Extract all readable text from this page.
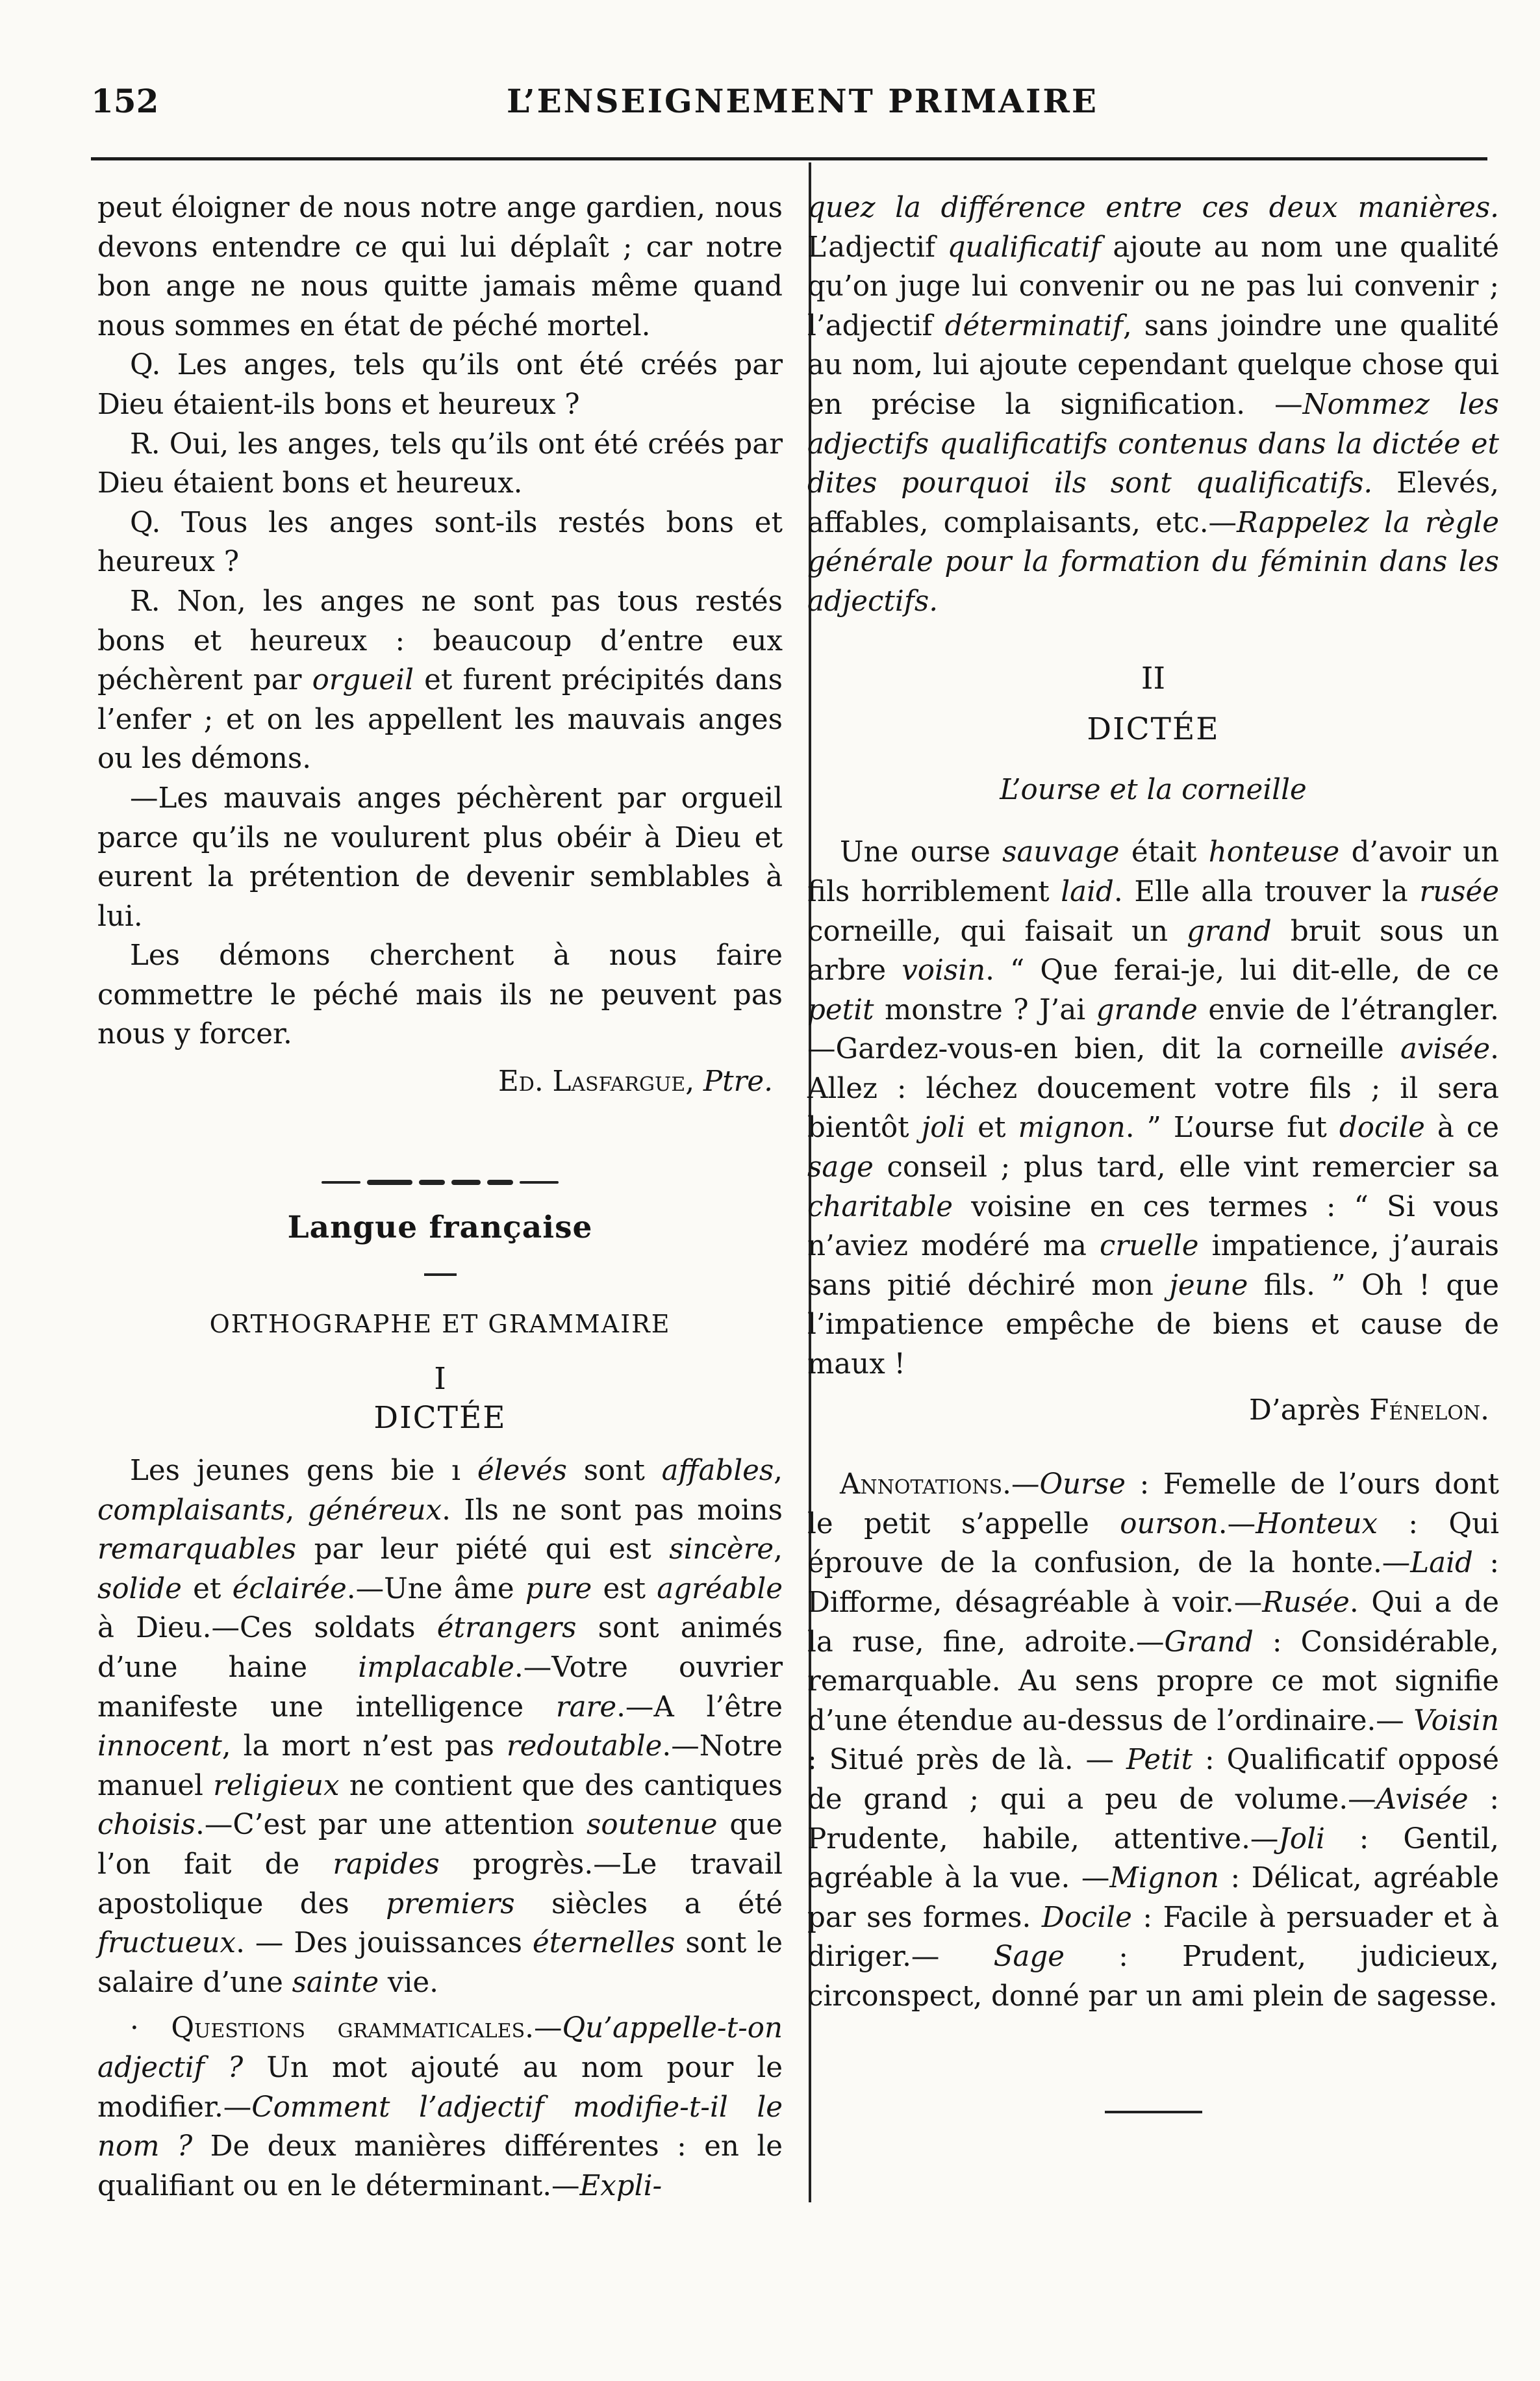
152	L’ENSEIGNEMENT PRIMAIRE

peut éloigner de nous notre ange gardien, nous devons entendre ce qui lui déplaît ; car notre bon ange ne nous quitte jamais même quand nous sommes en état de péché mortel.

Q. Les anges, tels qu’ils ont été créés par Dieu étaient-ils bons et heureux ?

R. Oui, les anges, tels qu’ils ont été créés par Dieu étaient bons et heureux.

Q. Tous les anges sont-ils restés bons et heureux ?

R. Non, les anges ne sont pas tous restés bons et heureux : beaucoup d’entre eux péchèrent par orgueil et furent précipités dans l’enfer ; et on les appellent les mauvais anges ou les démons.

—Les mauvais anges péchèrent par orgueil parce qu’ils ne voulurent plus obéir à Dieu et eurent la prétention de devenir semblables à lui.

Les démons cherchent à nous faire commettre le péché mais ils ne peuvent pas nous y forcer.

Ed. Lasfargue, Ptre.

Langue française
ORTHOGRAPHE ET GRAMMAIRE
I
DICTÉE

Les jeunes gens bie ı élevés sont affables, complaisants, généreux. Ils ne sont pas moins remarquables par leur piété qui est sincère, solide et éclairée.—Une âme pure est agréable à Dieu.—Ces soldats étrangers sont animés d’une haine implacable.—Votre ouvrier manifeste une intelligence rare.—A l’être innocent, la mort n’est pas redoutable.—Notre manuel religieux ne contient que des cantiques choisis.—C’est par une attention soutenue que l’on fait de rapides progrès.—Le travail apostolique des premiers siècles a été fructueux. — Des jouissances éternelles sont le salaire d’une sainte vie.

· Questions grammaticales.—Qu’appelle-t-on adjectif ? Un mot ajouté au nom pour le modifier.—Comment l’adjectif modifie-t-il le nom ? De deux manières différentes : en le qualifiant ou en le déterminant.—Expli-

quez la différence entre ces deux manières. L’adjectif qualificatif ajoute au nom une qualité qu’on juge lui convenir ou ne pas lui convenir ; l’adjectif déterminatif, sans joindre une qualité au nom, lui ajoute cependant quelque chose qui en précise la signification. —Nommez les adjectifs qualificatifs contenus dans la dictée et dites pourquoi ils sont qualificatifs. Elevés, affables, complaisants, etc.—Rappelez la règle générale pour la formation du féminin dans les adjectifs.

II
DICTÉE
L’ourse et la corneille

Une ourse sauvage était honteuse d’avoir un fils horriblement laid. Elle alla trouver la rusée corneille, qui faisait un grand bruit sous un arbre voisin. “ Que ferai-je, lui dit-elle, de ce petit monstre ? J’ai grande envie de l’étrangler.—Gardez-vous-en bien, dit la corneille avisée. Allez : léchez doucement votre fils ; il sera bientôt joli et mignon. ” L’ourse fut docile à ce sage conseil ; plus tard, elle vint remercier sa charitable voisine en ces termes : “ Si vous n’aviez modéré ma cruelle impatience, j’aurais sans pitié déchiré mon jeune fils. ” Oh ! que l’impatience empêche de biens et cause de maux !

D’après Fénelon.

Annotations.—Ourse : Femelle de l’ours dont le petit s’appelle ourson.—Honteux : Qui éprouve de la confusion, de la honte.—Laid : Difforme, désagréable à voir.—Rusée. Qui a de la ruse, fine, adroite.—Grand : Considérable, remarquable. Au sens propre ce mot signifie d’une étendue au-dessus de l’ordinaire.— Voisin : Situé près de là. — Petit : Qualificatif opposé de grand ; qui a peu de volume.—Avisée : Prudente, habile, attentive.—Joli : Gentil, agréable à la vue. —Mignon : Délicat, agréable par ses formes. Docile : Facile à persuader et à diriger.— Sage : Prudent, judicieux, circonspect, donné par un ami plein de sagesse.
